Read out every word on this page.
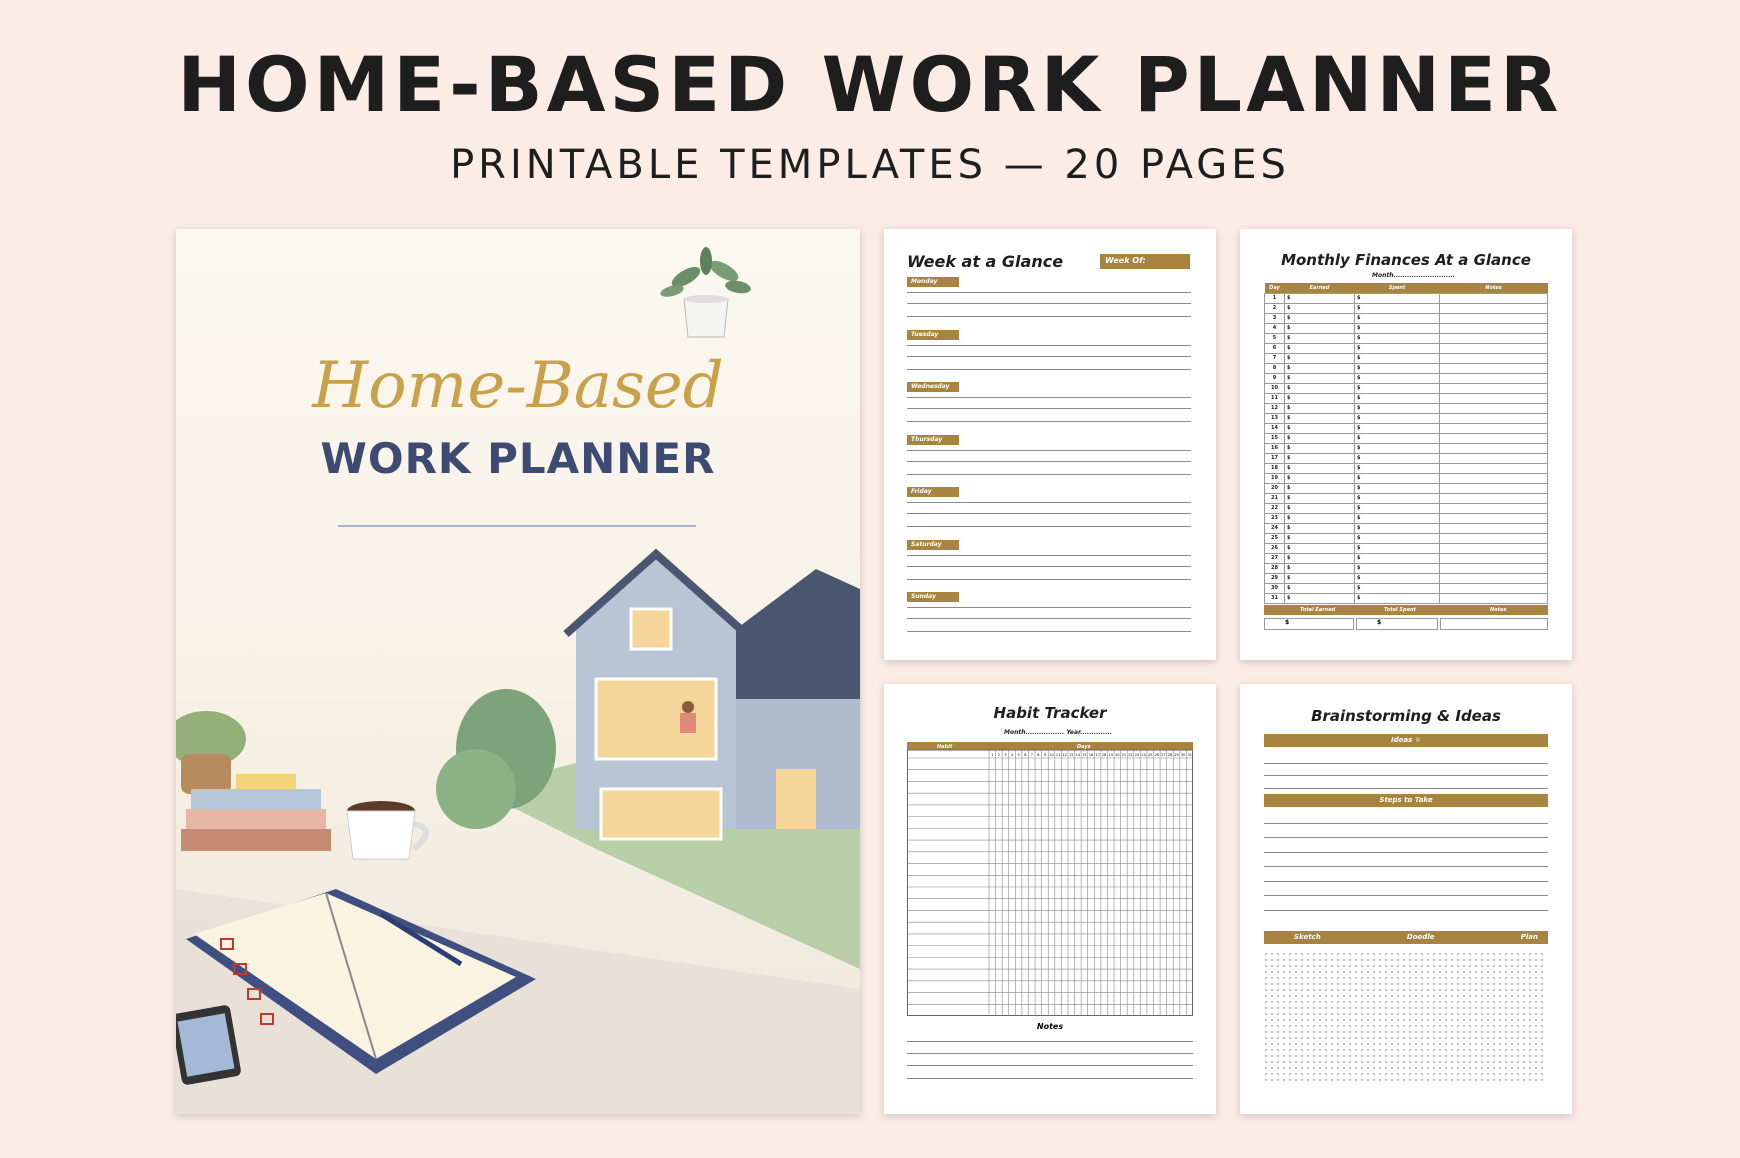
HOME-BASED WORK PLANNER
PRINTABLE TEMPLATES — 20 PAGES
Home-Based
WORK PLANNER
Week at a Glance	Week Of:
Monday
Tuesday
Wednesday
Thursday
Friday
Saturday
Sunday
Monthly Finances At a Glance
Month...........................
Day	Earned	Spent	Notes
1	$	$	
2	$	$	
3	$	$	
4	$	$	
5	$	$	
6	$	$	
7	$	$	
8	$	$	
9	$	$	
10	$	$	
11	$	$	
12	$	$	
13	$	$	
14	$	$	
15	$	$	
16	$	$	
17	$	$	
18	$	$	
19	$	$	
20	$	$	
21	$	$	
22	$	$	
23	$	$	
24	$	$	
25	$	$	
26	$	$	
27	$	$	
28	$	$	
29	$	$	
30	$	$	
31	$	$	
Total Earned	Total Spent	Notes
$	$
Habit Tracker
Month................. Year..............
Habit	Days
1 2 3 4 5 6 7 8 9 10 11 12 13 14 15 16 17 18 19 20 21 22 23 24 25 26 27 28 29 30 31
Notes
Brainstorming & Ideas
Ideas ☼
Steps to Take
Sketch	Doodle	Plan
